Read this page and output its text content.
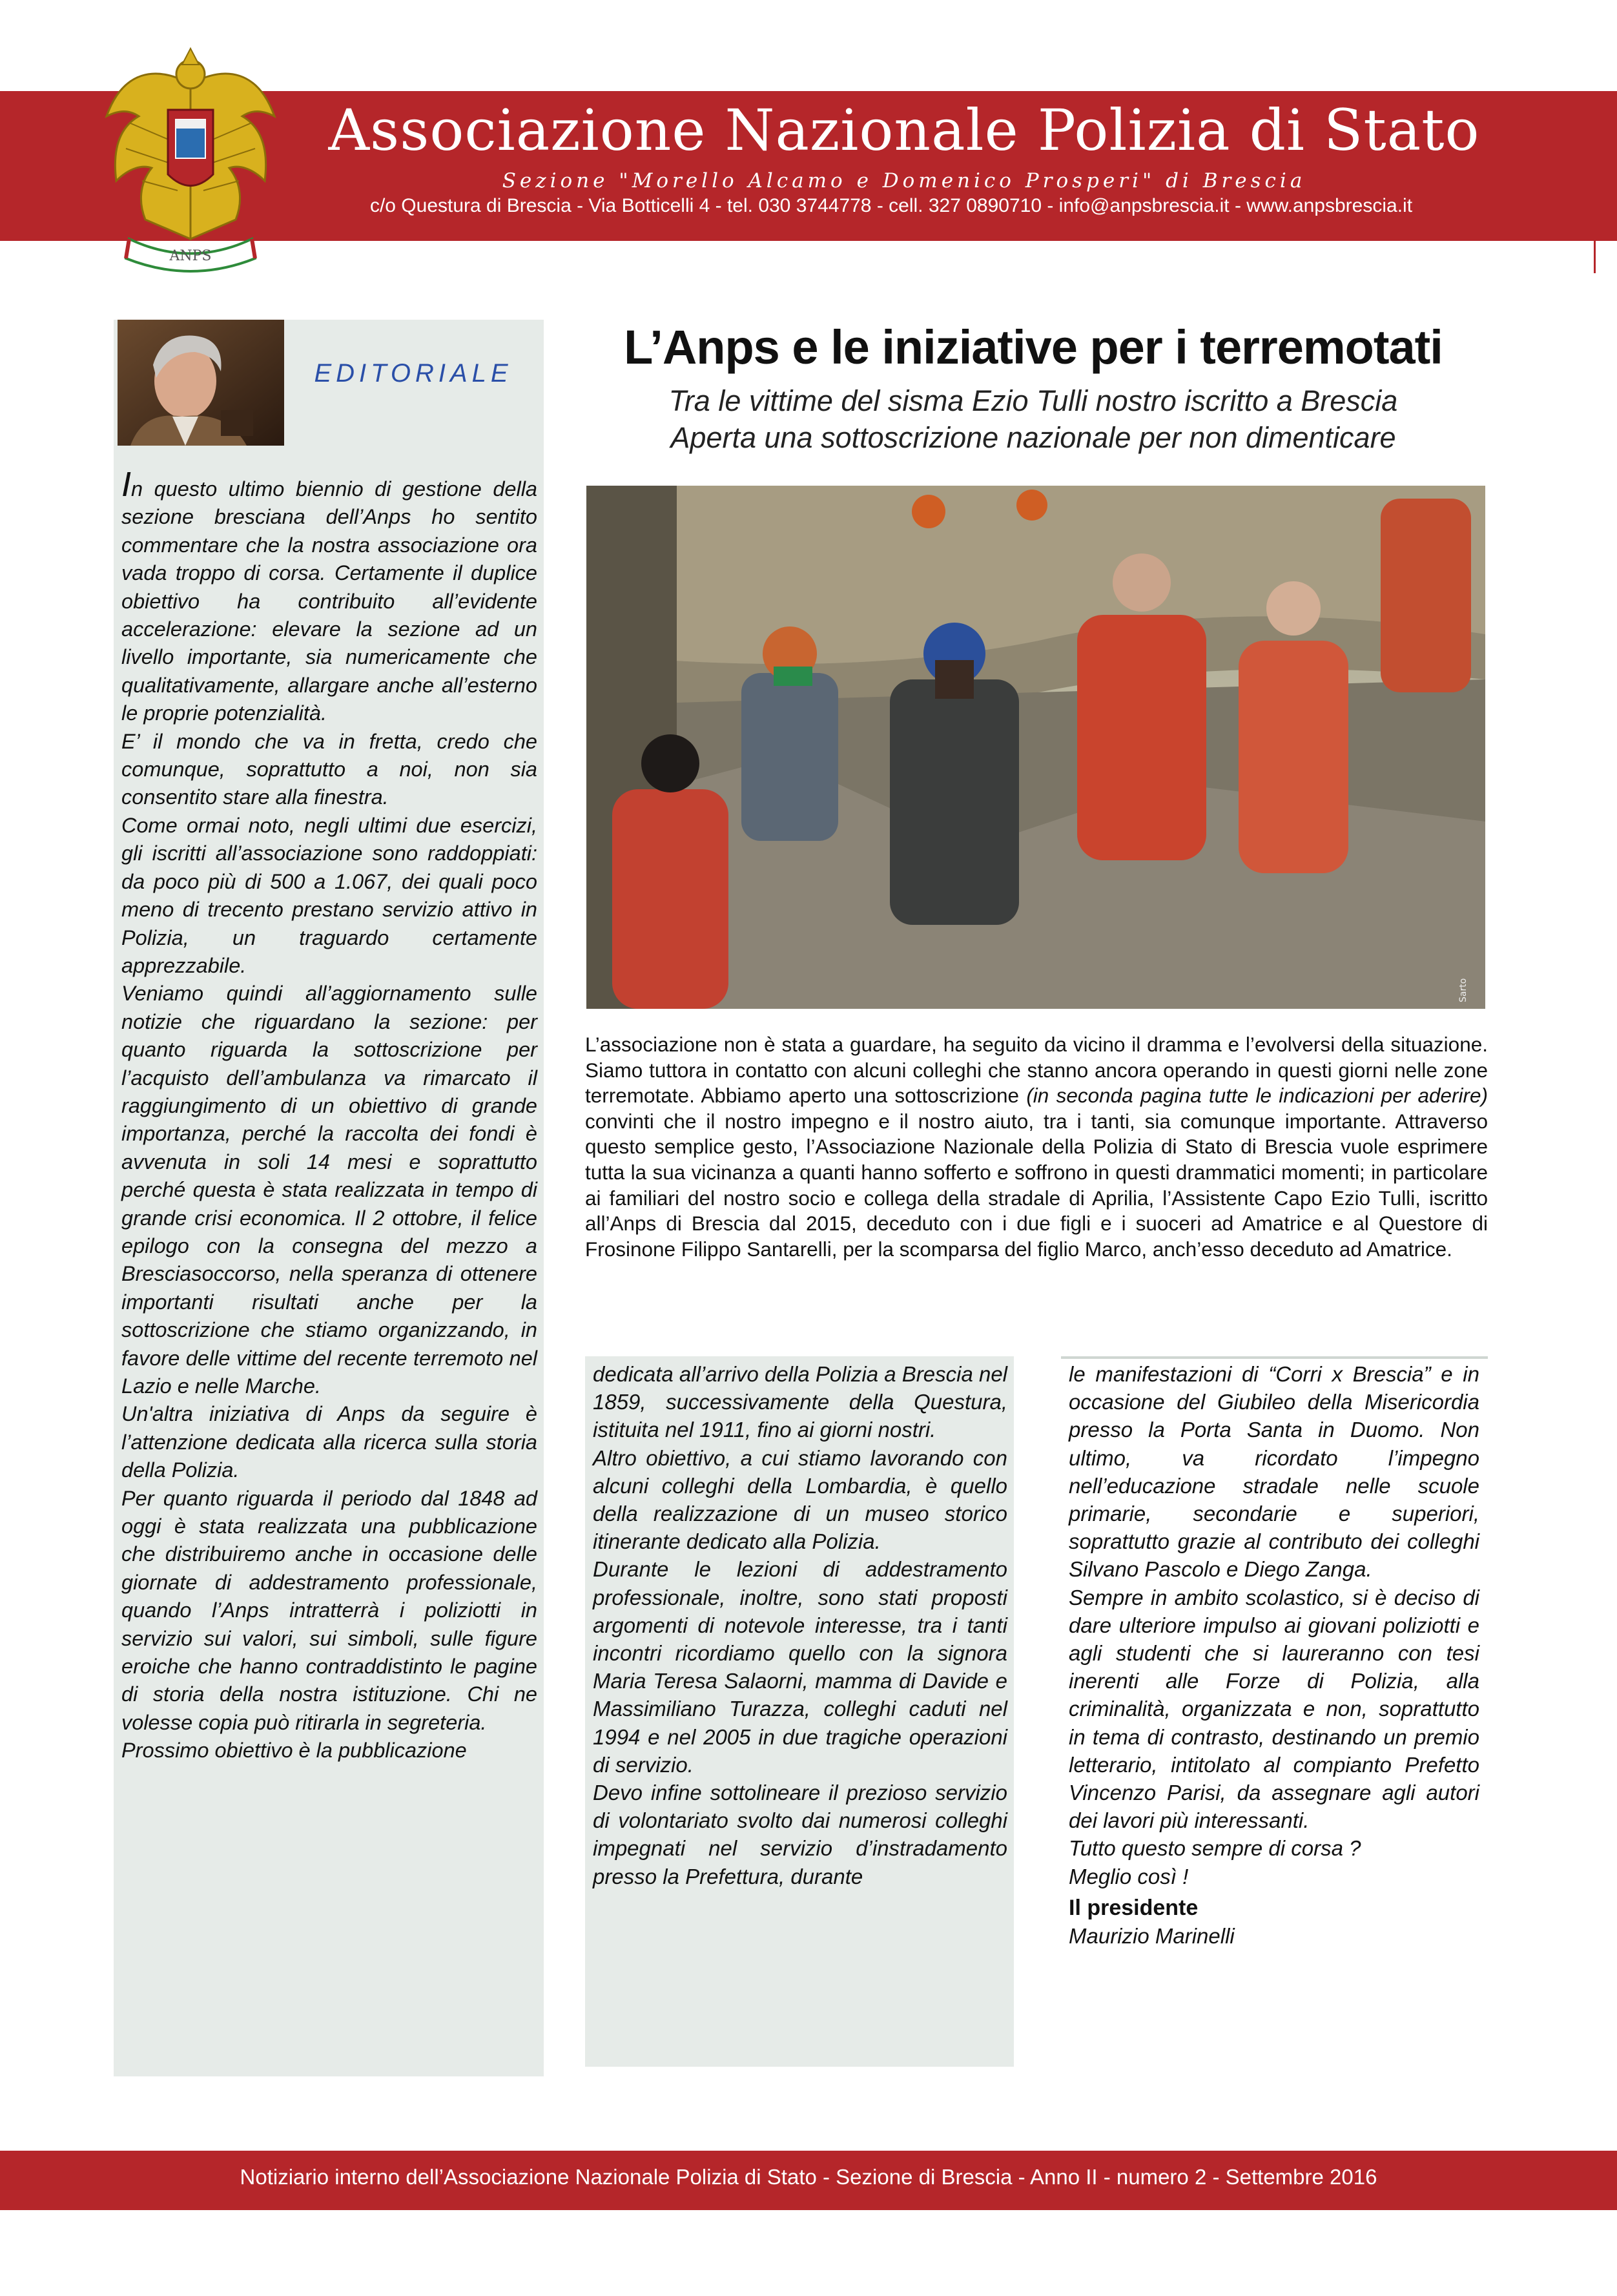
ANPS
Associazione Nazionale Polizia di Stato
Sezione "Morello Alcamo e Domenico Prosperi" di Brescia
c/o Questura di Brescia - Via Botticelli 4 - tel. 030 3744778 - cell. 327 0890710 - info@anpsbrescia.it - www.anpsbrescia.it
EDITORIALE

In questo ultimo biennio di gestione della sezione bresciana dell’Anps ho sentito commentare che la nostra associazione ora vada troppo di corsa. Certamente il duplice obiettivo ha contribuito all’evidente accelerazione: elevare la sezione ad un livello importante, sia numericamente che qualitativamente, allargare anche all’esterno le proprie potenzialità.

E’ il mondo che va in fretta, credo che comunque, soprattutto a noi, non sia consentito stare alla finestra.

Come ormai noto, negli ultimi due esercizi, gli iscritti all’associazione sono raddoppiati: da poco più di 500 a 1.067, dei quali poco meno di trecento prestano servizio attivo in Polizia, un traguardo certamente apprezzabile.

Veniamo quindi all’aggiornamento sulle notizie che riguardano la sezione: per quanto riguarda la sottoscrizione per l’acquisto dell’ambulanza va rimarcato il raggiungimento di un obiettivo di grande importanza, perché la raccolta dei fondi è avvenuta in soli 14 mesi e soprattutto perché questa è stata realizzata in tempo di grande crisi economica. Il 2 ottobre, il felice epilogo con la consegna del mezzo a Bresciasoccorso, nella speranza di ottenere importanti risultati anche per la sottoscrizione che stiamo organizzando, in favore delle vittime del recente terremoto nel Lazio e nelle Marche.

Un'altra iniziativa di Anps da seguire è l’attenzione dedicata alla ricerca sulla storia della Polizia.

Per quanto riguarda il periodo dal 1848 ad oggi è stata realizzata una pubblicazione che distribuiremo anche in occasione delle giornate di addestramento professionale, quando l’Anps intratterrà i poliziotti in servizio sui valori, sui simboli, sulle figure eroiche che hanno contraddistinto le pagine di storia della nostra istituzione. Chi ne volesse copia può ritirarla in segreteria.

Prossimo obiettivo è la pubblicazione

L’Anps e le iniziative per i terremotati
Tra le vittime del sisma Ezio Tulli nostro iscritto a Brescia
Aperta una sottoscrizione nazionale per non dimenticare
Sarto
L’associazione non è stata a guardare, ha seguito da vicino il dramma e l’evolversi della situazione. Siamo tuttora in contatto con alcuni colleghi che stanno ancora operando in questi giorni nelle zone terremotate. Abbiamo aperto una sottoscrizione (in seconda pagina tutte le indicazioni per aderire) convinti che il nostro impegno e il nostro aiuto, tra i tanti, sia comunque importante. Attraverso questo semplice gesto, l’Associazione Nazionale della Polizia di Stato di Brescia vuole esprimere tutta la sua vicinanza a quanti hanno sofferto e soffrono in questi drammatici momenti; in particolare ai familiari del nostro socio e collega della stradale di Aprilia, l’Assistente Capo Ezio Tulli, iscritto all’Anps di Brescia dal 2015, deceduto con i due figli e i suoceri ad Amatrice e al Questore di Frosinone Filippo Santarelli, per la scomparsa del figlio Marco, anch’esso deceduto ad Amatrice.

dedicata all’arrivo della Polizia a Brescia nel 1859, successivamente della Questura, istituita nel 1911, fino ai giorni nostri.

Altro obiettivo, a cui stiamo lavorando con alcuni colleghi della Lombardia, è quello della realizzazione di un museo storico itinerante dedicato alla Polizia.

Durante le lezioni di addestramento professionale, inoltre, sono stati proposti argomenti di notevole interesse, tra i tanti incontri ricordiamo quello con la signora Maria Teresa Salaorni, mamma di Davide e Massimiliano Turazza, colleghi caduti nel 1994 e nel 2005 in due tragiche operazioni di servizio.

Devo infine sottolineare il prezioso servizio di volontariato svolto dai numerosi colleghi impegnati nel servizio d’instradamento presso la Prefettura, durante

le manifestazioni di “Corri x Brescia” e in occasione del Giubileo della Misericordia presso la Porta Santa in Duomo. Non ultimo, va ricordato l’impegno nell’educazione stradale nelle scuole primarie, secondarie e superiori, soprattutto grazie al contributo dei colleghi Silvano Pascolo e Diego Zanga.

Sempre in ambito scolastico, si è deciso di dare ulteriore impulso ai giovani poliziotti e agli studenti che si laureranno con tesi inerenti alle Forze di Polizia, alla criminalità, organizzata e non, soprattutto in tema di contrasto, destinando un premio letterario, intitolato al compianto Prefetto Vincenzo Parisi, da assegnare agli autori dei lavori più interessanti.

Tutto questo sempre di corsa ?

Meglio così !

Il presidente

Maurizio Marinelli

Notiziario interno dell’Associazione Nazionale Polizia di Stato - Sezione di Brescia - Anno II - numero 2 - Settembre 2016
